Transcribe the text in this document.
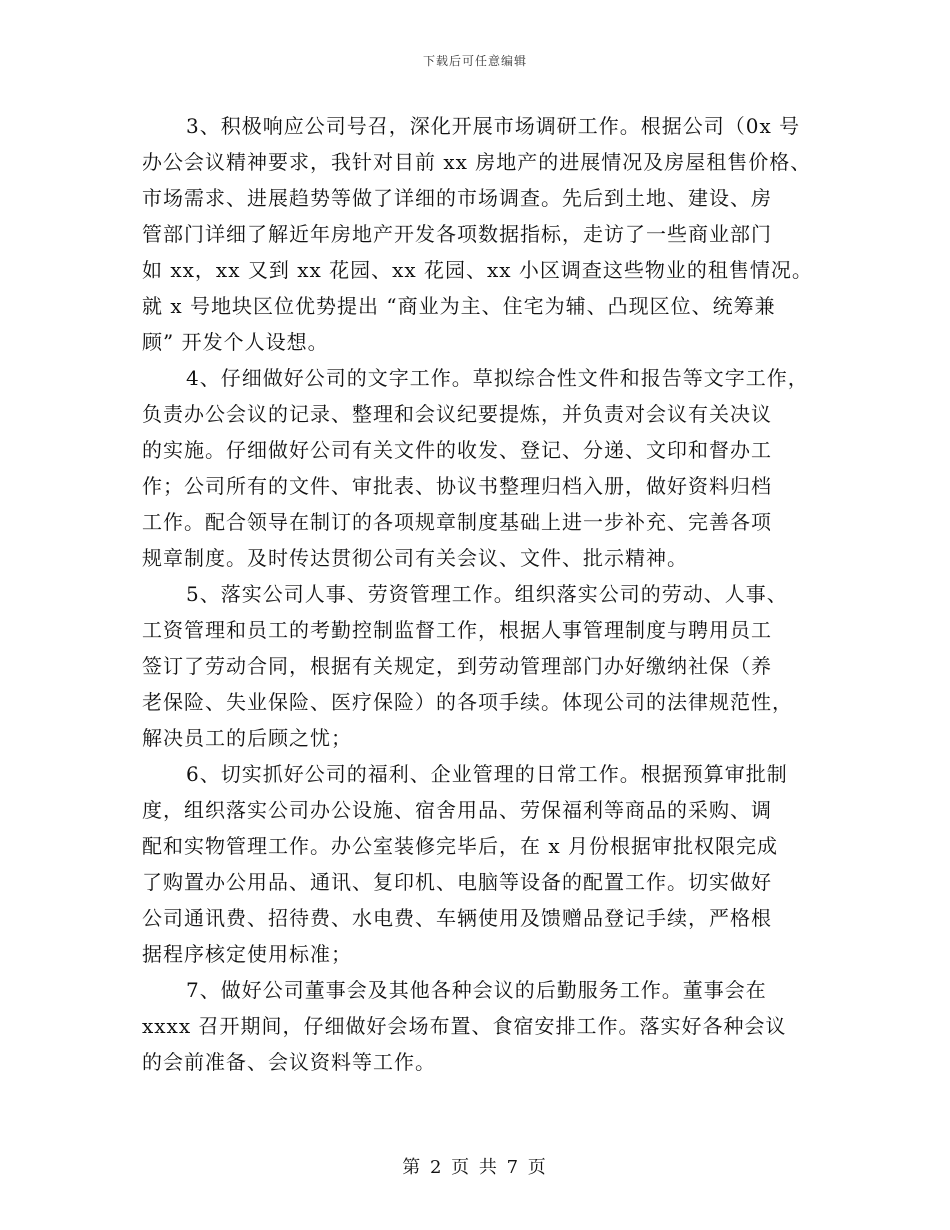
下载后可任意编辑
3、积极响应公司号召，深化开展市场调研工作。根据公司（0x 号
办公会议精神要求，我针对目前 xx 房地产的进展情况及房屋租售价格、
市场需求、进展趋势等做了详细的市场调查。先后到土地、建设、房
管部门详细了解近年房地产开发各项数据指标，走访了一些商业部门
如 xx，xx 又到 xx 花园、xx 花园、xx 小区调查这些物业的租售情况。
就 x 号地块区位优势提出 “商业为主、住宅为辅、凸现区位、统筹兼
顾” 开发个人设想。
4、仔细做好公司的文字工作。草拟综合性文件和报告等文字工作，
负责办公会议的记录、整理和会议纪要提炼，并负责对会议有关决议
的实施。仔细做好公司有关文件的收发、登记、分递、文印和督办工
作；公司所有的文件、审批表、协议书整理归档入册，做好资料归档
工作。配合领导在制订的各项规章制度基础上进一步补充、完善各项
规章制度。及时传达贯彻公司有关会议、文件、批示精神。
5、落实公司人事、劳资管理工作。组织落实公司的劳动、人事、
工资管理和员工的考勤控制监督工作，根据人事管理制度与聘用员工
签订了劳动合同，根据有关规定，到劳动管理部门办好缴纳社保（养
老保险、失业保险、医疗保险）的各项手续。体现公司的法律规范性，
解决员工的后顾之忧；
6、切实抓好公司的福利、企业管理的日常工作。根据预算审批制
度，组织落实公司办公设施、宿舍用品、劳保福利等商品的采购、调
配和实物管理工作。办公室装修完毕后，在 x 月份根据审批权限完成
了购置办公用品、通讯、复印机、电脑等设备的配置工作。切实做好
公司通讯费、招待费、水电费、车辆使用及馈赠品登记手续，严格根
据程序核定使用标准；
7、做好公司董事会及其他各种会议的后勤服务工作。董事会在
xxxx 召开期间，仔细做好会场布置、食宿安排工作。落实好各种会议
的会前准备、会议资料等工作。
第 2 页 共 7 页
